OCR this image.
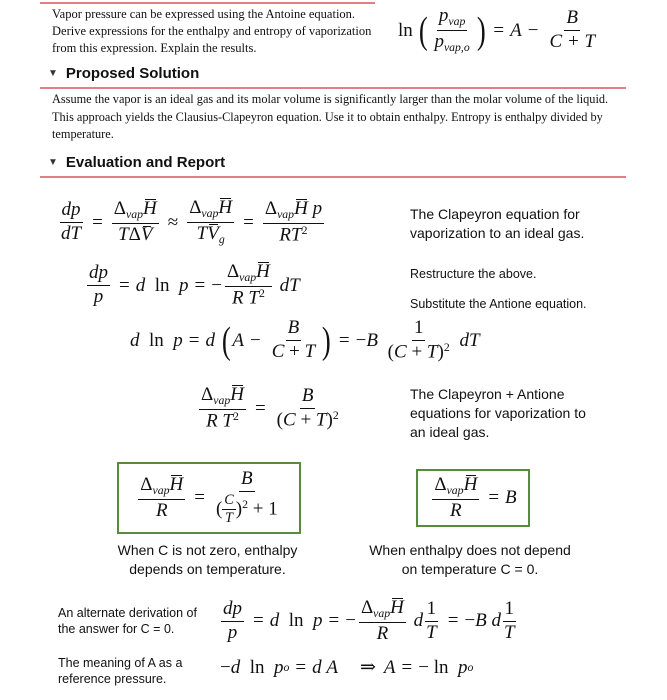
Vapor pressure can be expressed using the Antoine equation. Derive expressions for the enthalpy and entropy of vaporization from this expression. Explain the results.
ln ( $\frac{p_{vap}}{p_{vap,o}}$ ) = $A - \frac{B}{C + T}$
▼ Proposed Solution
Assume the vapor is an ideal gas and its molar volume is significantly larger than the molar volume of the liquid. This approach yields the Clausius-Clapeyron equation. Use it to obtain enthalpy. Entropy is enthalpy divided by temperature.
▼ Evaluation and Report
$\frac{dp}{dT} = \frac{\Delta_{vap}H}{\text{TΔV}} \approx \frac{\Delta_{vap}H}{TV_g} = \frac{\Delta_{vap}H p}{RT^2}$	The Clapeyron equation for vaporization to an ideal gas.
$\frac{dp}{p} = d$
ln
p = − $\frac{\Delta_{vap}H}{R T^2}$
d T
Restructure the above.
Substitute the Antione equation.
d
ln
p = d
( $A - \frac{B}{C + T}$ ) = − B
$\frac{1}{(C + T)^2}$
d T
$\frac{\Delta_{vap}H}{R T^2} = \frac{B}{(C + T)^2}$	The Clapeyron + Antione equations for vaporization to an ideal gas.
$\frac{\Delta_{vap}H}{R} = \frac{B}{( \frac{C}{T} )^2 + 1}$
When C is not zero, enthalpy depends on temperature.
$\frac{\Delta_{vap}H}{R} = B$
When enthalpy does not depend on temperature C = 0.
An alternate derivation of the answer for C = 0.	$\frac{dp}{p} = d$
ln
p = − $\frac{\Delta_{vap}H}{R}$
d $\frac{1}{T}$ = − B
d $\frac{1}{T}$
The meaning of A as a reference pressure.
− d
ln
p o = d
A ⇒ A = −
ln
p o
